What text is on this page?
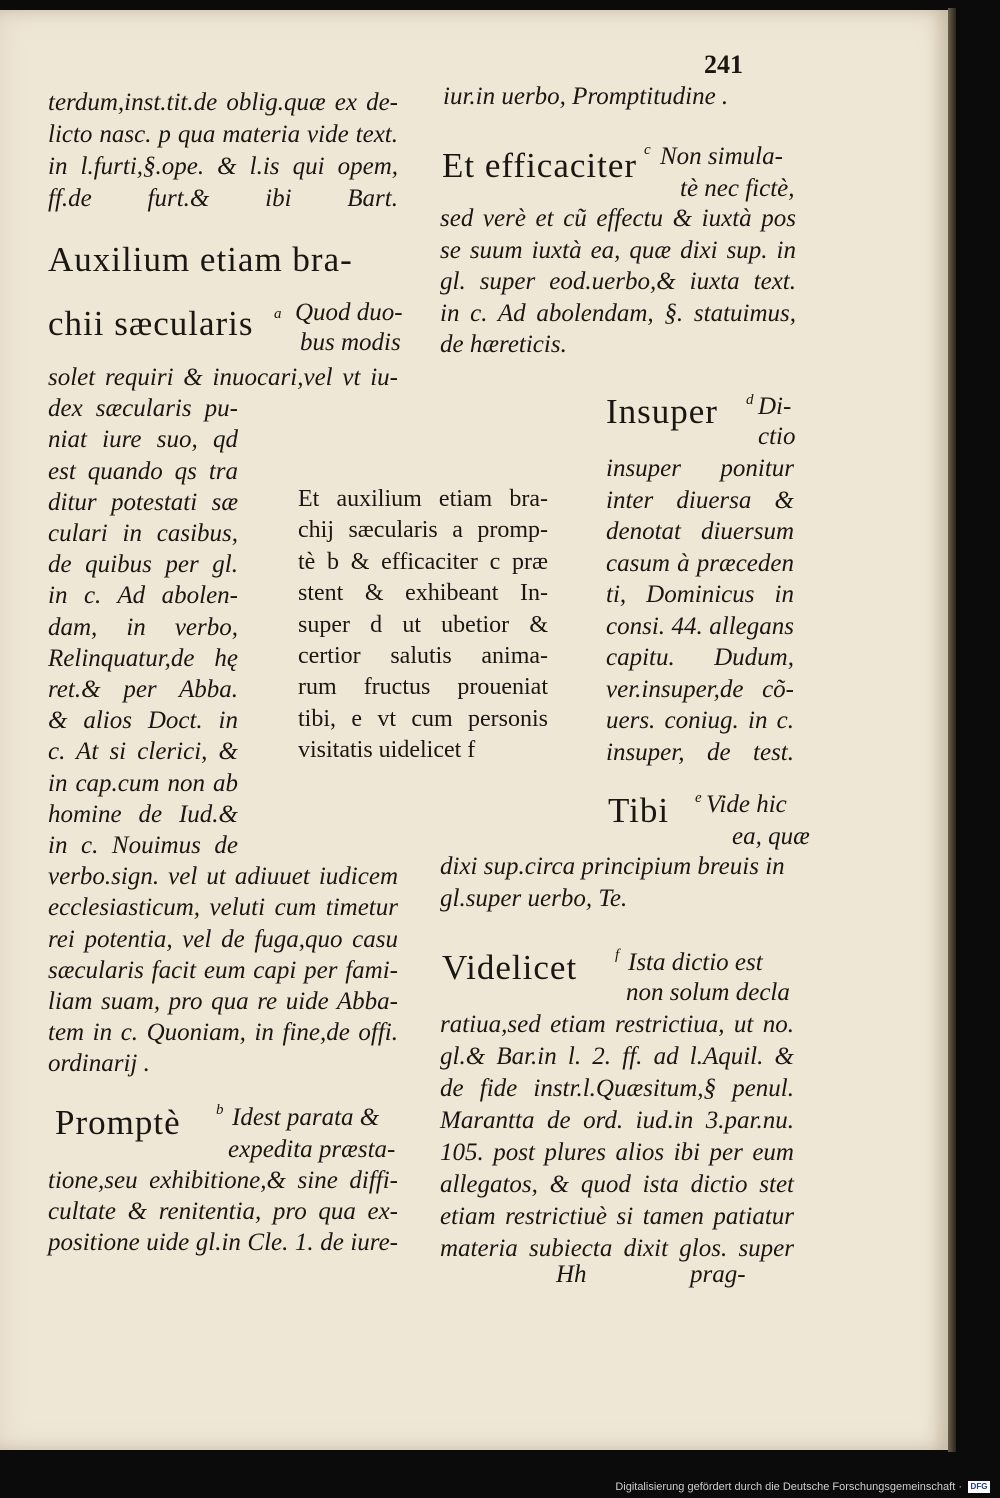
241
terdum,inst.tit.de oblig.quæ ex de-
licto nasc. p qua materia vide text.
in l.furti,§.ope. & l.is qui opem,
ff.de furt.& ibi Bart.
Auxilium etiam bra-
chii sæcularis a Quod duo-
bus modis
solet requiri & inuocari,vel vt iu-
dex sæcularis pu-
niat iure suo, qd
est quando qs tra
ditur potestati sæ
culari in casibus,
de quibus per gl.
in c. Ad abolen-
dam, in verbo,
Relinquatur,de hę
ret.& per Abba.
& alios Doct. in
c. At si clerici, &
in cap.cum non ab
homine de Iud.&
in c. Nouimus de
verbo.sign. vel ut adiuuet iudicem
ecclesiasticum, veluti cum timetur
rei potentia, vel de fuga,quo casu
sæcularis facit eum capi per fami-
liam suam, pro qua re uide Abba-
tem in c. Quoniam, in fine,de offi.
ordinarij .
Promptè b Idest parata &
expedita præsta-
tione,seu exhibitione,& sine diffi-
cultate & renitentia, pro qua ex-
positione uide gl.in Cle. 1. de iure-
iur.in uerbo, Promptitudine .
Et efficaciter c Non simula-
tè nec fictè,
sed verè et cũ effectu & iuxtà pos
se suum iuxtà ea, quæ dixi sup. in
gl. super eod.uerbo,& iuxta text.
in c. Ad abolendam, §. statuimus,
de hæreticis.
Insuper d Di-
ctio
insuper ponitur
inter diuersa &
denotat diuersum
casum à præceden
ti, Dominicus in
consi. 44. allegans
capitu. Dudum,
ver.insuper,de cõ-
uers. coniug. in c.
insuper, de test.
Et auxilium etiam bra-
chij sæcularis a promp-
tè b & efficaciter c præ
stent & exhibeant In-
super d ut ubetior &
certior salutis anima-
rum fructus proueniat
tibi, e vt cum personis
visitatis uidelicet f
Tibi e Vide hic
ea, quæ
dixi sup.circa principium breuis in
gl.super uerbo, Te.
Videlicet	f Ista dictio est
non solum decla
ratiua,sed etiam restrictiua, ut no.
gl.& Bar.in l. 2. ff. ad l.Aquil. &
de fide instr.l.Quæsitum,§ penul.
Marantta de ord. iud.in 3.par.nu.
105. post plures alios ibi per eum
allegatos, & quod ista dictio stet
etiam restrictiuè si tamen patiatur
materia subiecta dixit glos. super
Hh	prag-
Digitalisierung gefördert durch die Deutsche Forschungsgemeinschaft ·	DFG
